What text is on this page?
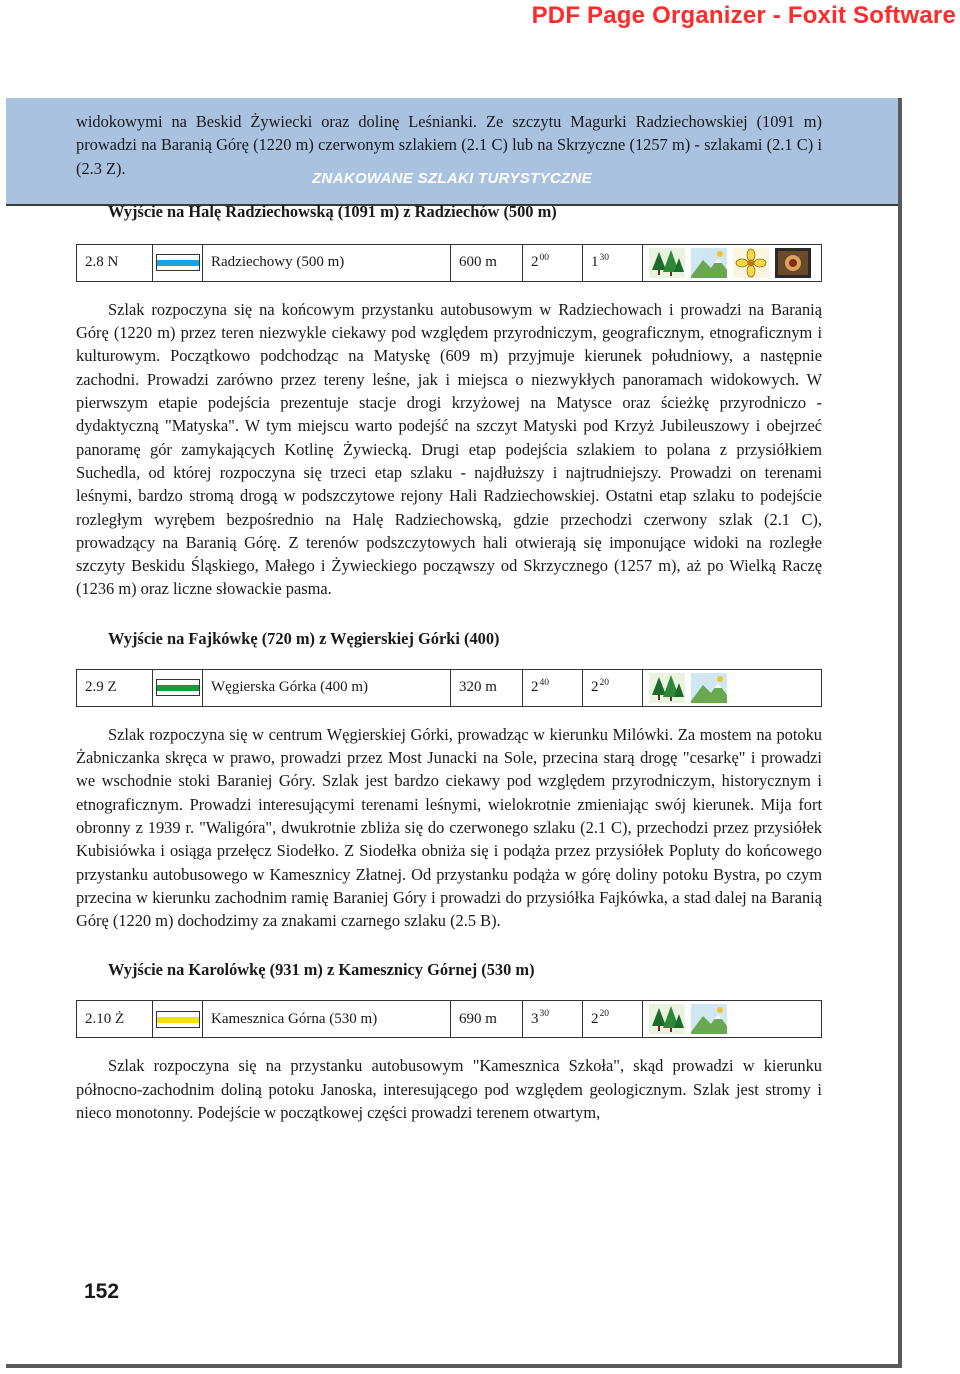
PDF Page Organizer - Foxit Software
ZNAKOWANE SZLAKI TURYSTYCZNE

widokowymi na Beskid Żywiecki oraz dolinę Leśnianki. Ze szczytu Magurki Radziechowskiej (1091 m) prowadzi na Baranią Górę (1220 m) czerwonym szlakiem (2.1 C) lub na Skrzyczne (1257 m) - szlakami (2.1 C) i (2.3 Z).

Wyjście na Halę Radziechowską (1091 m) z Radziechów (500 m)
2.8 N	Radziechowy (500 m)	600 m	$2^{00}$	$1^{30}$

Szlak rozpoczyna się na końcowym przystanku autobusowym w Radziechowach i prowadzi na Baranią Górę (1220 m) przez teren niezwykle ciekawy pod względem przyrodniczym, geograficznym, etnograficznym i kulturowym. Początkowo podchodząc na Matyskę (609 m) przyjmuje kierunek południowy, a następnie zachodni. Prowadzi zarówno przez tereny leśne, jak i miejsca o niezwykłych panoramach widokowych. W pierwszym etapie podejścia prezentuje stacje drogi krzyżowej na Matysce oraz ścieżkę przyrodniczo - dydaktyczną "Matyska". W tym miejscu warto podejść na szczyt Matyski pod Krzyż Jubileuszowy i obejrzeć panoramę gór zamykających Kotlinę Żywiecką. Drugi etap podejścia szlakiem to polana z przysiółkiem Suchedla, od której rozpoczyna się trzeci etap szlaku - najdłuższy i najtrudniejszy. Prowadzi on terenami leśnymi, bardzo stromą drogą w podszczytowe rejony Hali Radziechowskiej. Ostatni etap szlaku to podejście rozległym wyrębem bezpośrednio na Halę Radziechowską, gdzie przechodzi czerwony szlak (2.1 C), prowadzący na Baranią Górę. Z terenów podszczytowych hali otwierają się imponujące widoki na rozległe szczyty Beskidu Śląskiego, Małego i Żywieckiego począwszy od Skrzycznego (1257 m), aż po Wielką Raczę (1236 m) oraz liczne słowackie pasma.

Wyjście na Fajkówkę (720 m) z Węgierskiej Górki (400)
2.9 Z	Węgierska Górka (400 m)	320 m	$2^{40}$	$2^{20}$

Szlak rozpoczyna się w centrum Węgierskiej Górki, prowadząc w kierunku Milówki. Za mostem na potoku Żabniczanka skręca w prawo, prowadzi przez Most Junacki na Sole, przecina starą drogę "cesarkę" i prowadzi we wschodnie stoki Baraniej Góry. Szlak jest bardzo ciekawy pod względem przyrodniczym, historycznym i etnograficznym. Prowadzi interesującymi terenami leśnymi, wielokrotnie zmieniając swój kierunek. Mija fort obronny z 1939 r. "Waligóra", dwukrotnie zbliża się do czerwonego szlaku (2.1 C), przechodzi przez przysiółek Kubisiówka i osiąga przełęcz Siodełko. Z Siodełka obniża się i podąża przez przysiółek Popluty do końcowego przystanku autobusowego w Kamesznicy Złatnej. Od przystanku podąża w górę doliny potoku Bystra, po czym przecina w kierunku zachodnim ramię Baraniej Góry i prowadzi do przysiółka Fajkówka, a stad dalej na Baranią Górę (1220 m) dochodzimy za znakami czarnego szlaku (2.5 B).

Wyjście na Karolówkę (931 m) z Kamesznicy Górnej (530 m)
2.10 Ż	Kamesznica Górna (530 m)	690 m	$3^{30}$	$2^{20}$

Szlak rozpoczyna się na przystanku autobusowym "Kamesznica Szkoła", skąd prowadzi w kierunku północno-zachodnim doliną potoku Janoska, interesującego pod względem geologicznym. Szlak jest stromy i nieco monotonny. Podejście w początkowej części prowadzi terenem otwartym,

152
